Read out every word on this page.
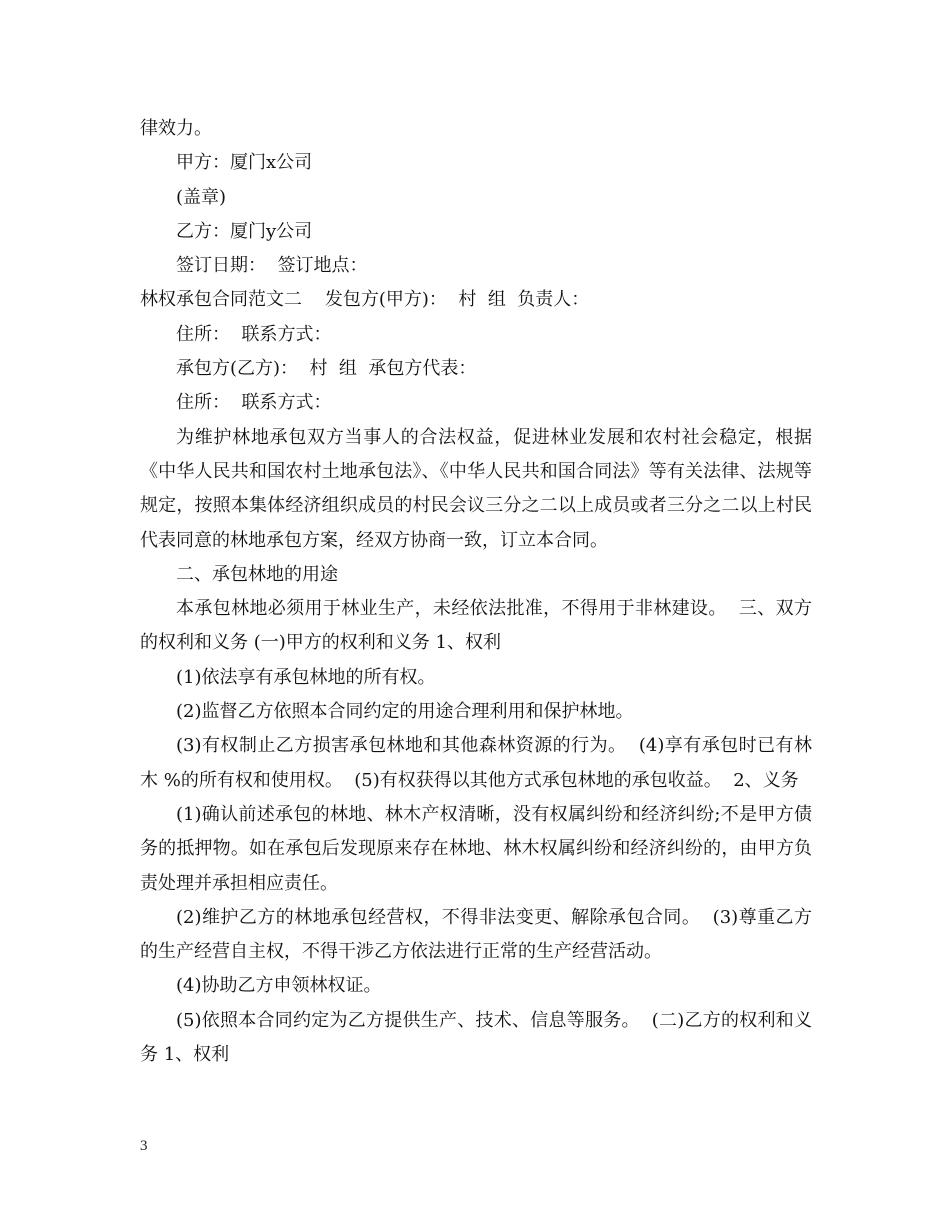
律效力。

甲方：厦门x公司

(盖章)

乙方：厦门y公司

签订日期：  签订地点：

林权承包合同范文二    发包方(甲方)：  村  组  负责人：

住所：  联系方式：

承包方(乙方)：  村  组  承包方代表：

住所：  联系方式：

为维护林地承包双方当事人的合法权益，促进林业发展和农村社会稳定，根据《中华人民共和国农村土地承包法》、《中华人民共和国合同法》等有关法律、法规等规定，按照本集体经济组织成员的村民会议三分之二以上成员或者三分之二以上村民代表同意的林地承包方案，经双方协商一致，订立本合同。

二、承包林地的用途

本承包林地必须用于林业生产，未经依法批准，不得用于非林建设。  三、双方的权利和义务 (一)甲方的权利和义务 1、权利

(1)依法享有承包林地的所有权。

(2)监督乙方依照本合同约定的用途合理利用和保护林地。

(3)有权制止乙方损害承包林地和其他森林资源的行为。  (4)享有承包时已有林木 %的所有权和使用权。  (5)有权获得以其他方式承包林地的承包收益。  2、义务

(1)确认前述承包的林地、林木产权清晰，没有权属纠纷和经济纠纷;不是甲方债务的抵押物。如在承包后发现原来存在林地、林木权属纠纷和经济纠纷的，由甲方负责处理并承担相应责任。

(2)维护乙方的林地承包经营权，不得非法变更、解除承包合同。  (3)尊重乙方的生产经营自主权，不得干涉乙方依法进行正常的生产经营活动。

(4)协助乙方申领林权证。

(5)依照本合同约定为乙方提供生产、技术、信息等服务。  (二)乙方的权利和义务 1、权利

3
